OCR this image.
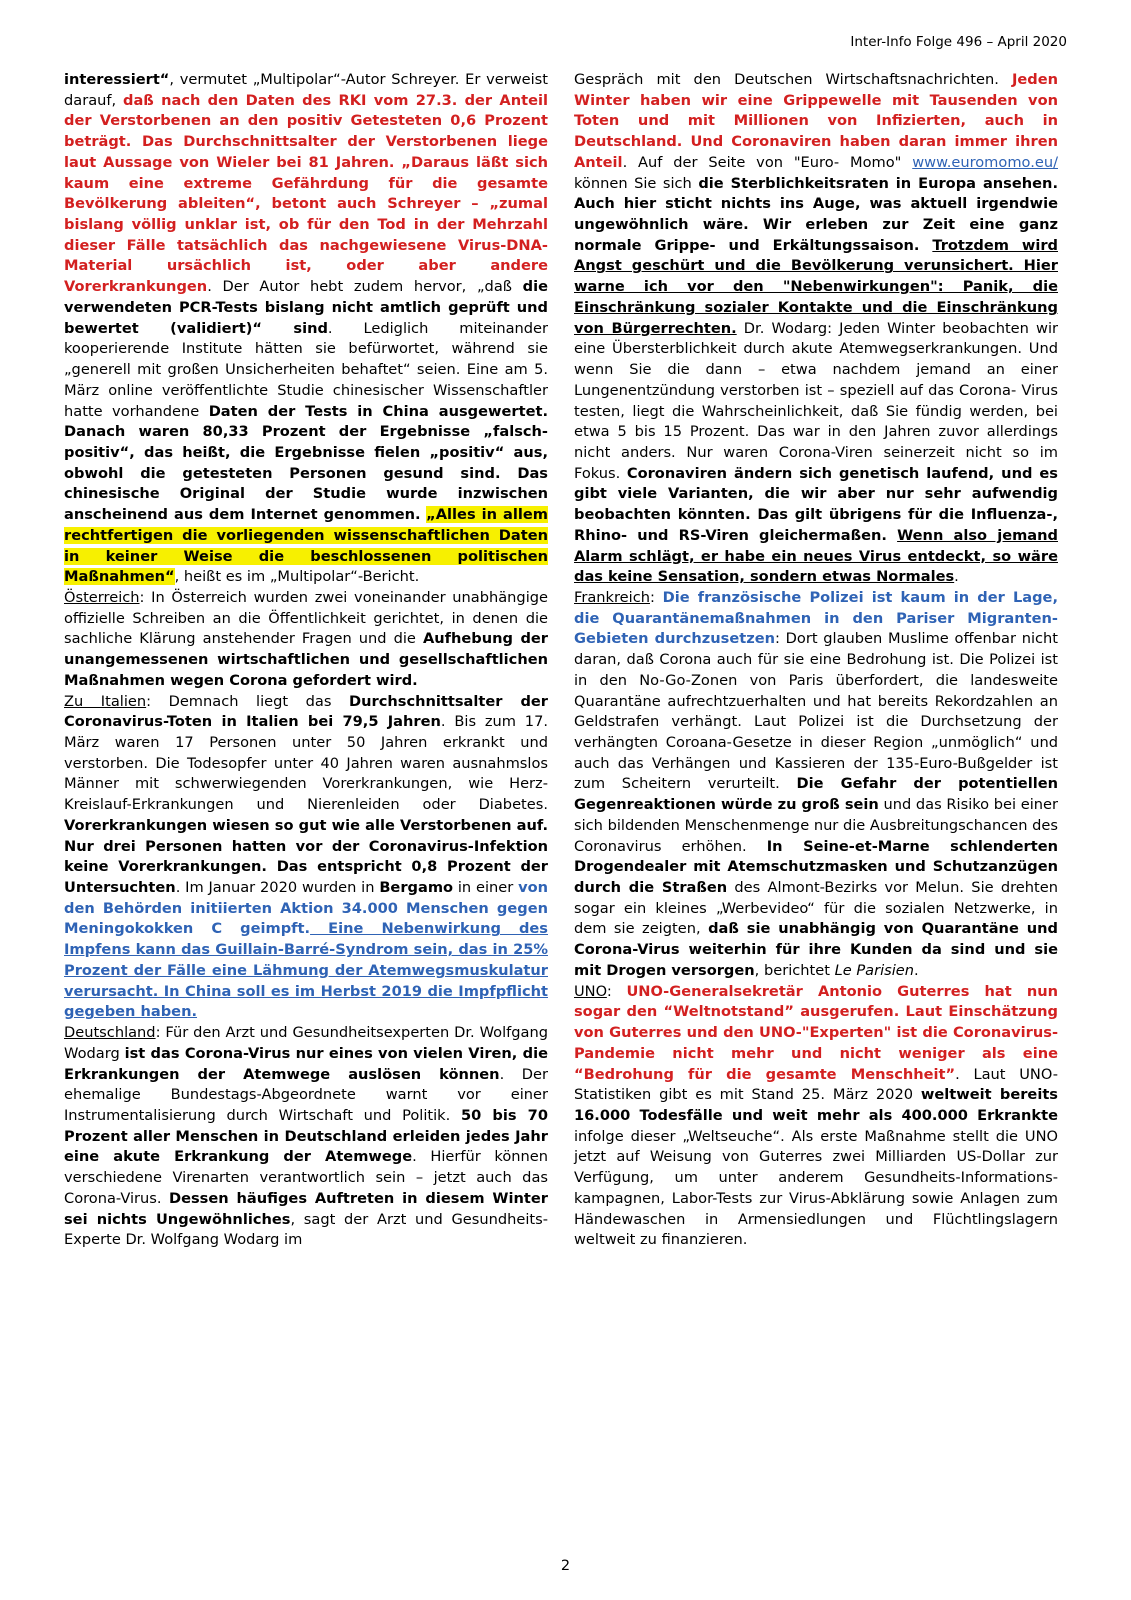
Inter-Info Folge 496 – April 2020

interessiert“, vermutet „Multipolar“-Autor Schreyer. Er verweist darauf, daß nach den Daten des RKI vom 27.3. der Anteil der Verstorbenen an den positiv Getesteten 0,6 Prozent beträgt. Das Durchschnittsalter der Verstorbenen liege laut Aussage von Wieler bei 81 Jahren. „Daraus läßt sich kaum eine extreme Gefährdung für die gesamte Bevölkerung ableiten“, betont auch Schreyer – „zumal bislang völlig unklar ist, ob für den Tod in der Mehrzahl dieser Fälle tatsächlich das nachgewiesene Virus-DNA-Material ursächlich ist, oder aber andere Vorerkrankungen. Der Autor hebt zudem hervor, „daß die verwendeten PCR-Tests bislang nicht amtlich geprüft und bewertet (validiert)“ sind. Lediglich miteinander kooperierende Institute hätten sie befürwortet, während sie „generell mit großen Unsicherheiten behaftet“ seien. Eine am 5. März online veröffentlichte Studie chinesischer Wissenschaftler hatte vorhandene Daten der Tests in China ausgewertet. Danach waren 80,33 Prozent der Ergebnisse „falsch-positiv“, das heißt, die Ergebnisse fielen „positiv“ aus, obwohl die getesteten Personen gesund sind. Das chinesische Original der Studie wurde inzwischen anscheinend aus dem Internet genommen. „Alles in allem rechtfertigen die vorliegenden wissenschaftlichen Daten in keiner Weise die beschlossenen politischen Maßnahmen“, heißt es im „Multipolar“-Bericht.

Österreich: In Österreich wurden zwei voneinander unabhängige offizielle Schreiben an die Öffentlichkeit gerichtet, in denen die sachliche Klärung anstehender Fragen und die Aufhebung der unangemessenen wirtschaftlichen und gesellschaftlichen Maßnahmen wegen Corona gefordert wird.

Zu Italien: Demnach liegt das Durchschnittsalter der Coronavirus-Toten in Italien bei 79,5 Jahren. Bis zum 17. März waren 17 Personen unter 50 Jahren erkrankt und verstorben. Die Todesopfer unter 40 Jahren waren ausnahmslos Männer mit schwerwiegenden Vorerkrankungen, wie Herz-Kreislauf-Erkrankungen und Nierenleiden oder Diabetes. Vorerkrankungen wiesen so gut wie alle Verstorbenen auf. Nur drei Personen hatten vor der Coronavirus-Infektion keine Vorerkrankungen. Das entspricht 0,8 Prozent der Untersuchten. Im Januar 2020 wurden in Bergamo in einer von den Behörden initiierten Aktion 34.000 Menschen gegen Meningokokken C geimpft. Eine Nebenwirkung des Impfens kann das Guillain-Barré-Syndrom sein, das in 25% Prozent der Fälle eine Lähmung der Atemwegsmuskulatur verursacht. In China soll es im Herbst 2019 die Impfpflicht gegeben haben.

Deutschland: Für den Arzt und Gesundheitsexperten Dr. Wolfgang Wodarg ist das Corona-Virus nur eines von vielen Viren, die Erkrankungen der Atemwege auslösen können. Der ehemalige Bundestags-Abgeordnete warnt vor einer Instrumentalisierung durch Wirtschaft und Politik. 50 bis 70 Prozent aller Menschen in Deutschland erleiden jedes Jahr eine akute Erkrankung der Atemwege. Hierfür können verschiedene Virenarten verantwortlich sein – jetzt auch das Corona-Virus. Dessen häufiges Auftreten in diesem Winter sei nichts Ungewöhnliches, sagt der Arzt und Gesundheits-Experte Dr. Wolfgang Wodarg im

Gespräch mit den Deutschen Wirtschaftsnachrichten. Jeden Winter haben wir eine Grippewelle mit Tausenden von Toten und mit Millionen von Infizierten, auch in Deutschland. Und Coronaviren haben daran immer ihren Anteil. Auf der Seite von "Euro- Momo" www.euromomo.eu/ können Sie sich die Sterblichkeitsraten in Europa ansehen. Auch hier sticht nichts ins Auge, was aktuell irgendwie ungewöhnlich wäre. Wir erleben zur Zeit eine ganz normale Grippe- und Erkältungssaison. Trotzdem wird Angst geschürt und die Bevölkerung verunsichert. Hier warne ich vor den "Nebenwirkungen": Panik, die Einschränkung sozialer Kontakte und die Einschränkung von Bürgerrechten. Dr. Wodarg: Jeden Winter beobachten wir eine Übersterblichkeit durch akute Atemwegserkrankungen. Und wenn Sie die dann – etwa nachdem jemand an einer Lungenentzündung verstorben ist – speziell auf das Corona- Virus testen, liegt die Wahrscheinlichkeit, daß Sie fündig werden, bei etwa 5 bis 15 Prozent. Das war in den Jahren zuvor allerdings nicht anders. Nur waren Corona-Viren seinerzeit nicht so im Fokus. Coronaviren ändern sich genetisch laufend, und es gibt viele Varianten, die wir aber nur sehr aufwendig beobachten könnten. Das gilt übrigens für die Influenza-, Rhino- und RS-Viren gleichermaßen. Wenn also jemand Alarm schlägt, er habe ein neues Virus entdeckt, so wäre das keine Sensation, sondern etwas Normales.

Frankreich: Die französische Polizei ist kaum in der Lage, die Quarantänemaßnahmen in den Pariser Migranten-Gebieten durchzusetzen: Dort glauben Muslime offenbar nicht daran, daß Corona auch für sie eine Bedrohung ist. Die Polizei ist in den No-Go-Zonen von Paris überfordert, die landesweite Quarantäne aufrechtzuerhalten und hat bereits Rekordzahlen an Geldstrafen verhängt. Laut Polizei ist die Durchsetzung der verhängten Coroana-Gesetze in dieser Region „unmöglich“ und auch das Verhängen und Kassieren der 135-Euro-Bußgelder ist zum Scheitern verurteilt. Die Gefahr der potentiellen Gegenreaktionen würde zu groß sein und das Risiko bei einer sich bildenden Menschenmenge nur die Ausbreitungschancen des Coronavirus erhöhen. In Seine-et-Marne schlenderten Drogendealer mit Atemschutzmasken und Schutzanzügen durch die Straßen des Almont-Bezirks vor Melun. Sie drehten sogar ein kleines „Werbevideo“ für die sozialen Netzwerke, in dem sie zeigten, daß sie unabhängig von Quarantäne und Corona-Virus weiterhin für ihre Kunden da sind und sie mit Drogen versorgen, berichtet Le Parisien.

UNO: UNO-Generalsekretär Antonio Guterres hat nun sogar den “Weltnotstand” ausgerufen. Laut Einschätzung von Guterres und den UNO-"Experten" ist die Coronavirus-Pandemie nicht mehr und nicht weniger als eine “Bedrohung für die gesamte Menschheit”. Laut UNO-Statistiken gibt es mit Stand 25. März 2020 weltweit bereits 16.000 Todesfälle und weit mehr als 400.000 Erkrankte infolge dieser „Weltseuche“. Als erste Maßnahme stellt die UNO jetzt auf Weisung von Guterres zwei Milliarden US-Dollar zur Verfügung, um unter anderem Gesundheits-Informations-kampagnen, Labor-Tests zur Virus-Abklärung sowie Anlagen zum Händewaschen in Armensiedlungen und Flüchtlingslagern weltweit zu finanzieren.

2
